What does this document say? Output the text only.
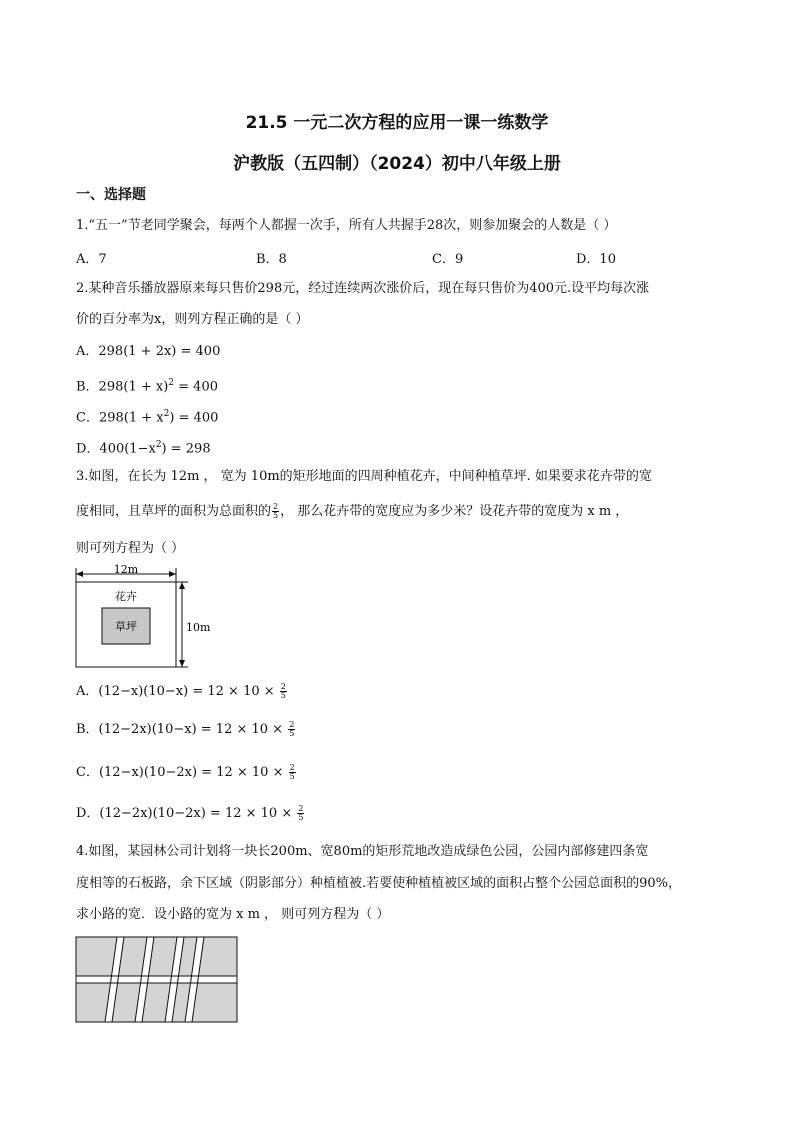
21.5 一元二次方程的应用一课一练数学
沪教版（五四制）（2024）初中八年级上册
一、选择题
1.“五一”节老同学聚会，每两个人都握一次手，所有人共握手28次，则参加聚会的人数是（ ）
A．7	B．8	C．9	D．10
2.某种音乐播放器原来每只售价298元，经过连续两次涨价后，现在每只售价为400元.设平均每次涨
价的百分率为x，则列方程正确的是（ ）
A．298(1 + 2x) = 400
B．$298(1 + x)^2 = 400$
C．$298(1 + x^2) = 400$
D．$400(1-x^2) = 298$
3.如图，在长为 12m ， 宽为 10m的矩形地面的四周种植花卉，中间种植草坪. 如果要求花卉带的宽
度相同，且草坪的面积为总面积的 $\frac{2}{5}$ ， 那么花卉带的宽度应为多少米？设花卉带的宽度为 x m ，
则可列方程为（ ）
12m
花卉
草坪	10m
A．$(12-x)(10-x) = 12 \times 10 \times \frac{2}{5}$
B．$(12-2x)(10-x) = 12 \times 10 \times \frac{2}{5}$
C．$(12-x)(10-2x) = 12 \times 10 \times \frac{2}{5}$
D．$(12-2x)(10-2x) = 12 \times 10 \times \frac{2}{5}$
4.如图，某园林公司计划将一块长200m、宽80m的矩形荒地改造成绿色公园，公园内部修建四条宽
度相等的石板路，余下区域（阴影部分）种植植被.若要使种植植被区域的面积占整个公园总面积的90%，
求小路的宽．设小路的宽为 x m ， 则可列方程为（ ）
